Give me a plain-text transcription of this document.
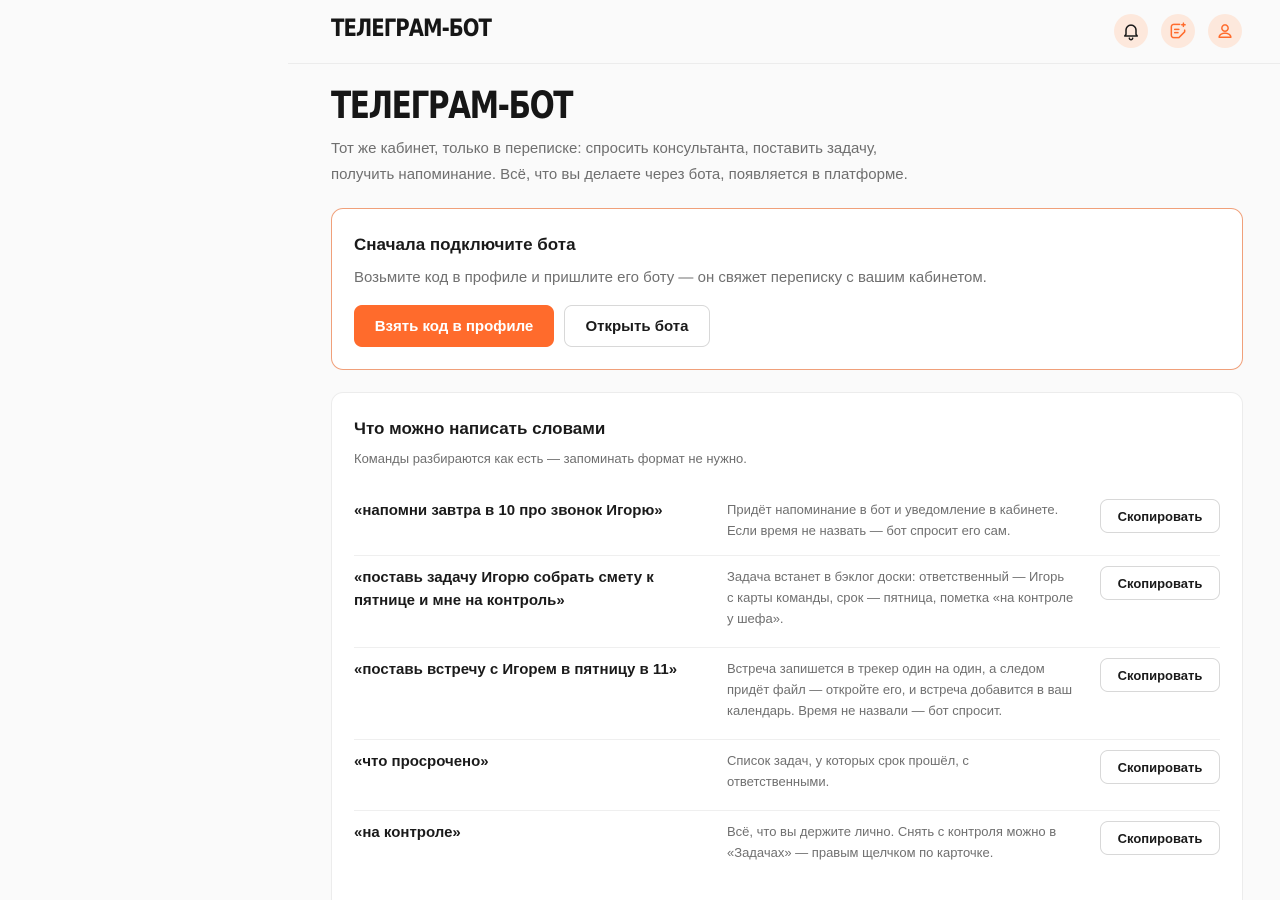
ТЕЛЕГРАМ-БОТ
ТЕЛЕГРАМ-БОТ
Тот же кабинет, только в переписке: спросить консультанта, поставить задачу,
получить напоминание. Всё, что вы делаете через бота, появляется в платформе.
Сначала подключите бота
Возьмите код в профиле и пришлите его боту — он свяжет переписку с вашим кабинетом.
Взять код в профиле	Открыть бота
Что можно написать словами
Команды разбираются как есть — запоминать формат не нужно.
«напомни завтра в 10 про звонок Игорю»	Придёт напоминание в бот и уведомление в кабинете.
Если время не назвать — бот спросит его сам.
Скопировать
«поставь задачу Игорю собрать смету к
пятнице и мне на контроль»
Задача встанет в бэклог доски: ответственный — Игорь
с карты команды, срок — пятница, пометка «на контроле
у шефа».
Скопировать
«поставь встречу с Игорем в пятницу в 11»	Встреча запишется в трекер один на один, а следом
придёт файл — откройте его, и встреча добавится в ваш
календарь. Время не назвали — бот спросит.
Скопировать
«что просрочено»	Список задач, у которых срок прошёл, с
ответственными.
Скопировать
«на контроле»	Всё, что вы держите лично. Снять с контроля можно в
«Задачах» — правым щелчком по карточке.
Скопировать
